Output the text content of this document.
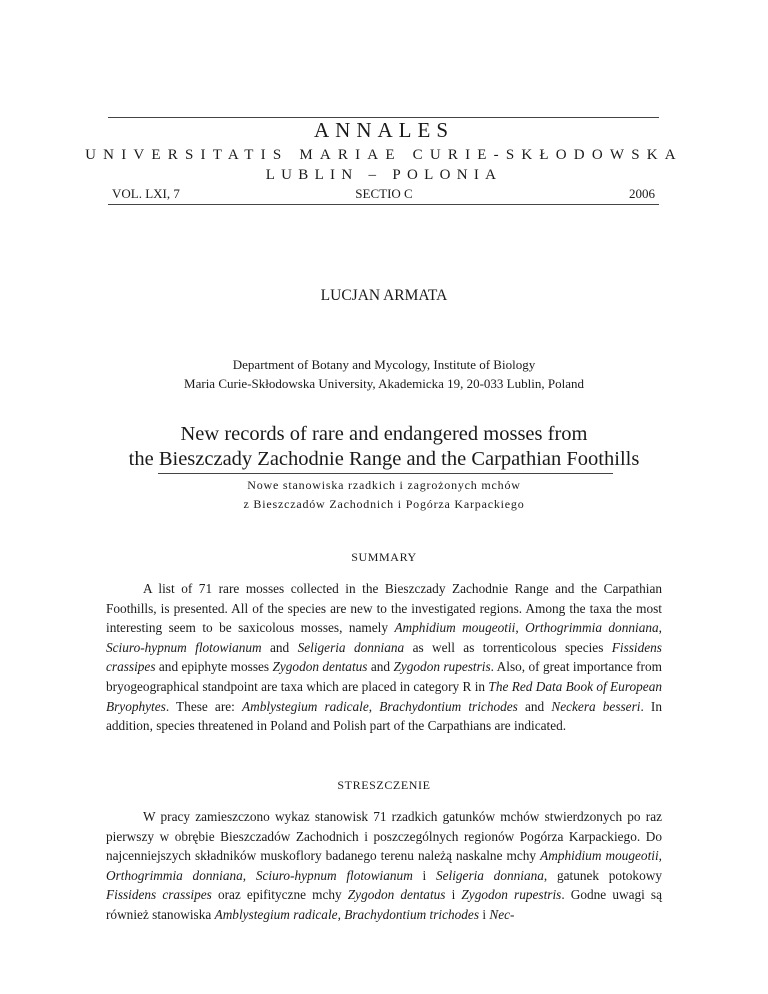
ANNALES
UNIVERSITATIS MARIAE CURIE-SKŁODOWSKA
LUBLIN – POLONIA
VOL. LXI, 7	SECTIO C	2006
LUCJAN ARMATA
Department of Botany and Mycology, Institute of Biology
Maria Curie-Skłodowska University, Akademicka 19, 20-033 Lublin, Poland
New records of rare and endangered mosses from
the Bieszczady Zachodnie Range and the Carpathian Foothills
Nowe stanowiska rzadkich i zagrożonych mchów
z Bieszczadów Zachodnich i Pogórza Karpackiego
SUMMARY

A list of 71 rare mosses collected in the Bieszczady Zachodnie Range and the Carpathian Foothills, is presented. All of the species are new to the investigated regions. Among the taxa the most interesting seem to be saxicolous mosses, namely Amphidium mougeotii, Orthogrimmia donniana, Sciuro-hypnum flotowianum and Seligeria donniana as well as torrenticolous species Fissidens crassipes and epiphyte mosses Zygodon dentatus and Zygodon rupestris. Also, of great importance from bryogeographical standpoint are taxa which are placed in category R in The Red Data Book of European Bryophytes. These are: Amblystegium radicale, Brachydontium trichodes and Neckera besseri. In addition, species threatened in Poland and Polish part of the Carpathians are indicated.

STRESZCZENIE

W pracy zamieszczono wykaz stanowisk 71 rzadkich gatunków mchów stwierdzonych po raz pierwszy w obrębie Bieszczadów Zachodnich i poszczególnych regionów Pogórza Karpackiego. Do najcenniejszych składników muskoflory badanego terenu należą naskalne mchy Amphidium mougeotii, Orthogrimmia donniana, Sciuro-hypnum flotowianum i Seligeria donniana, gatunek potokowy Fissidens crassipes oraz epifityczne mchy Zygodon dentatus i Zygodon rupestris. Godne uwagi są również stanowiska Amblystegium radicale, Brachydontium trichodes i Nec-
